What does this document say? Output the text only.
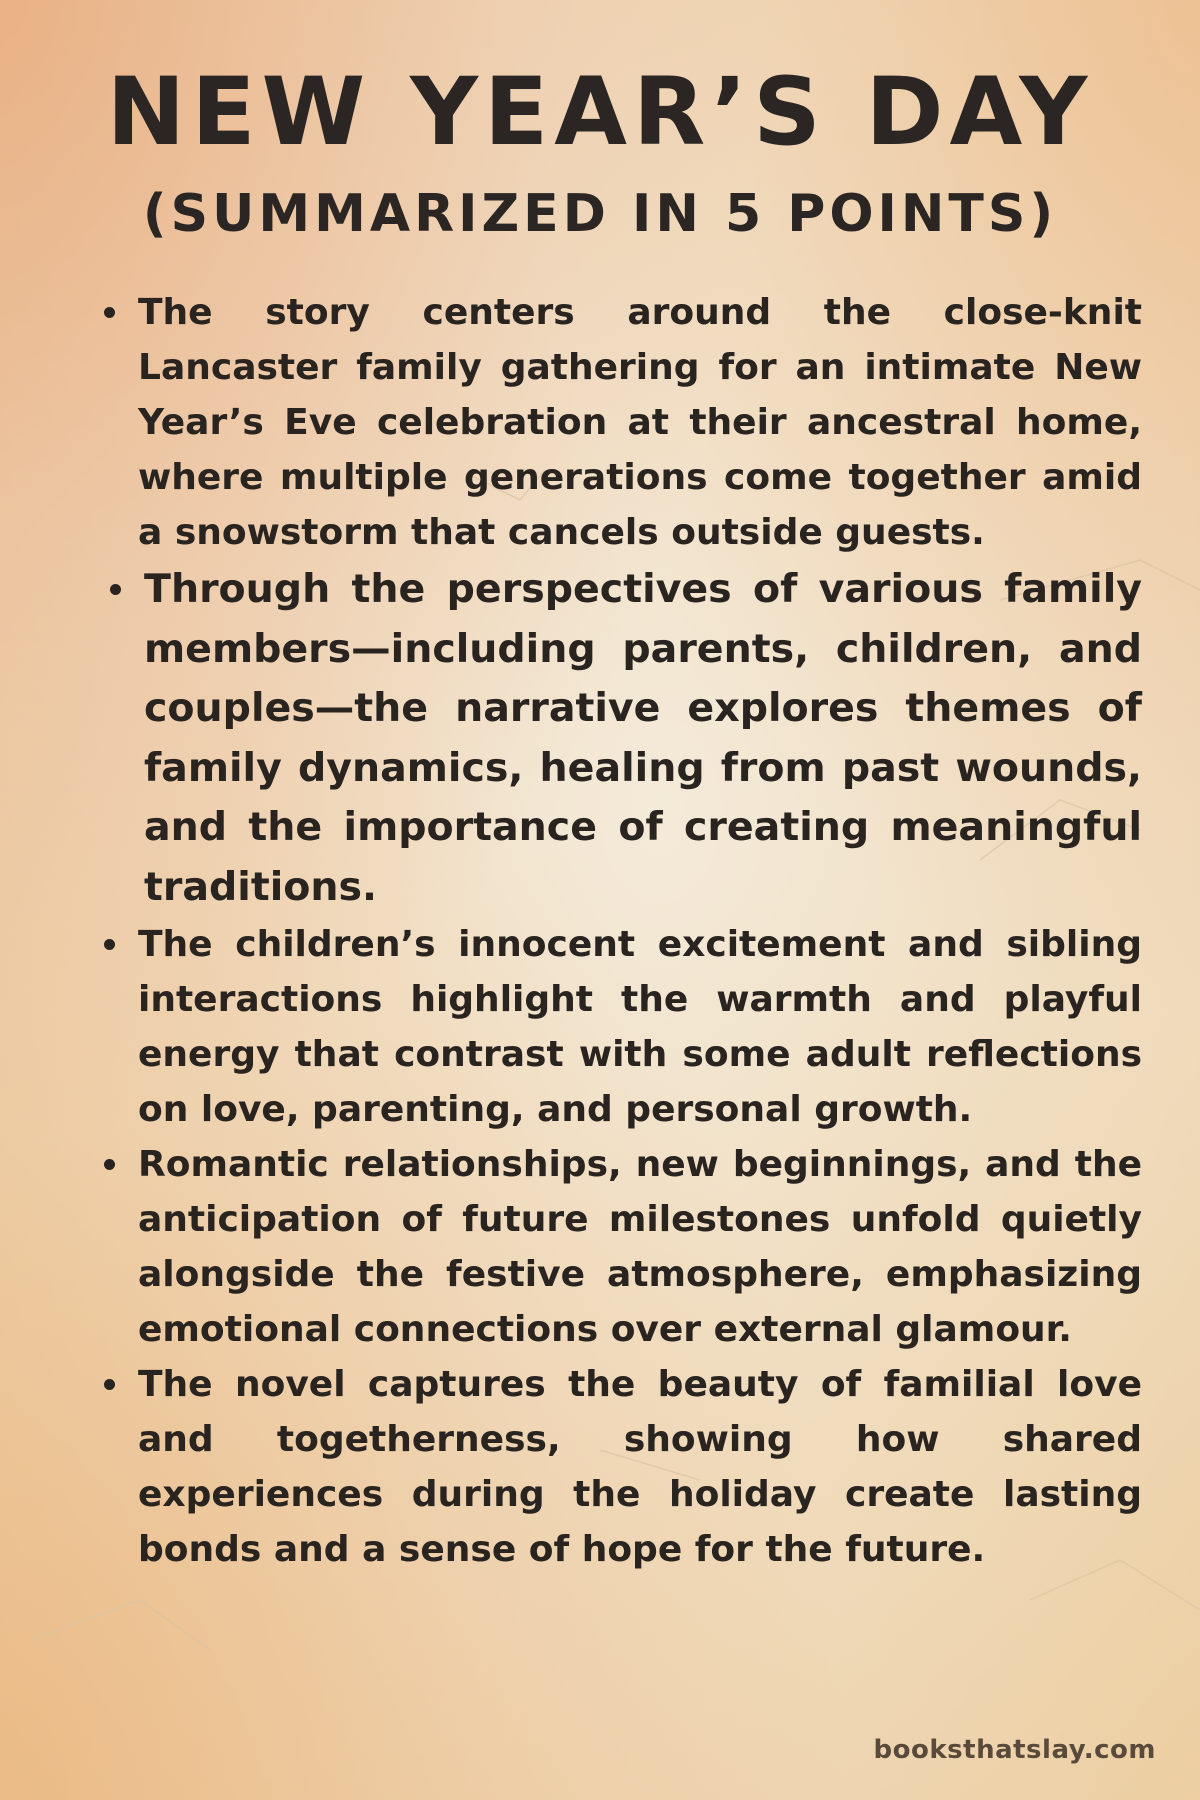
NEW YEAR’S DAY
(SUMMARIZED IN 5 POINTS)
The story centers around the close-knit Lancaster family gathering for an intimate New Year’s Eve celebration at their ancestral home, where multiple generations come together amid a snowstorm that cancels outside guests.
Through the perspectives of various family members—including parents, children, and couples—the narrative explores themes of family dynamics, healing from past wounds, and the importance of creating meaningful traditions.
The children’s innocent excitement and sibling interactions highlight the warmth and playful energy that contrast with some adult reflections on love, parenting, and personal growth.
Romantic relationships, new beginnings, and the anticipation of future milestones unfold quietly alongside the festive atmosphere, emphasizing emotional connections over external glamour.
The novel captures the beauty of familial love and togetherness, showing how shared experiences during the holiday create lasting bonds and a sense of hope for the future.
booksthatslay.com
